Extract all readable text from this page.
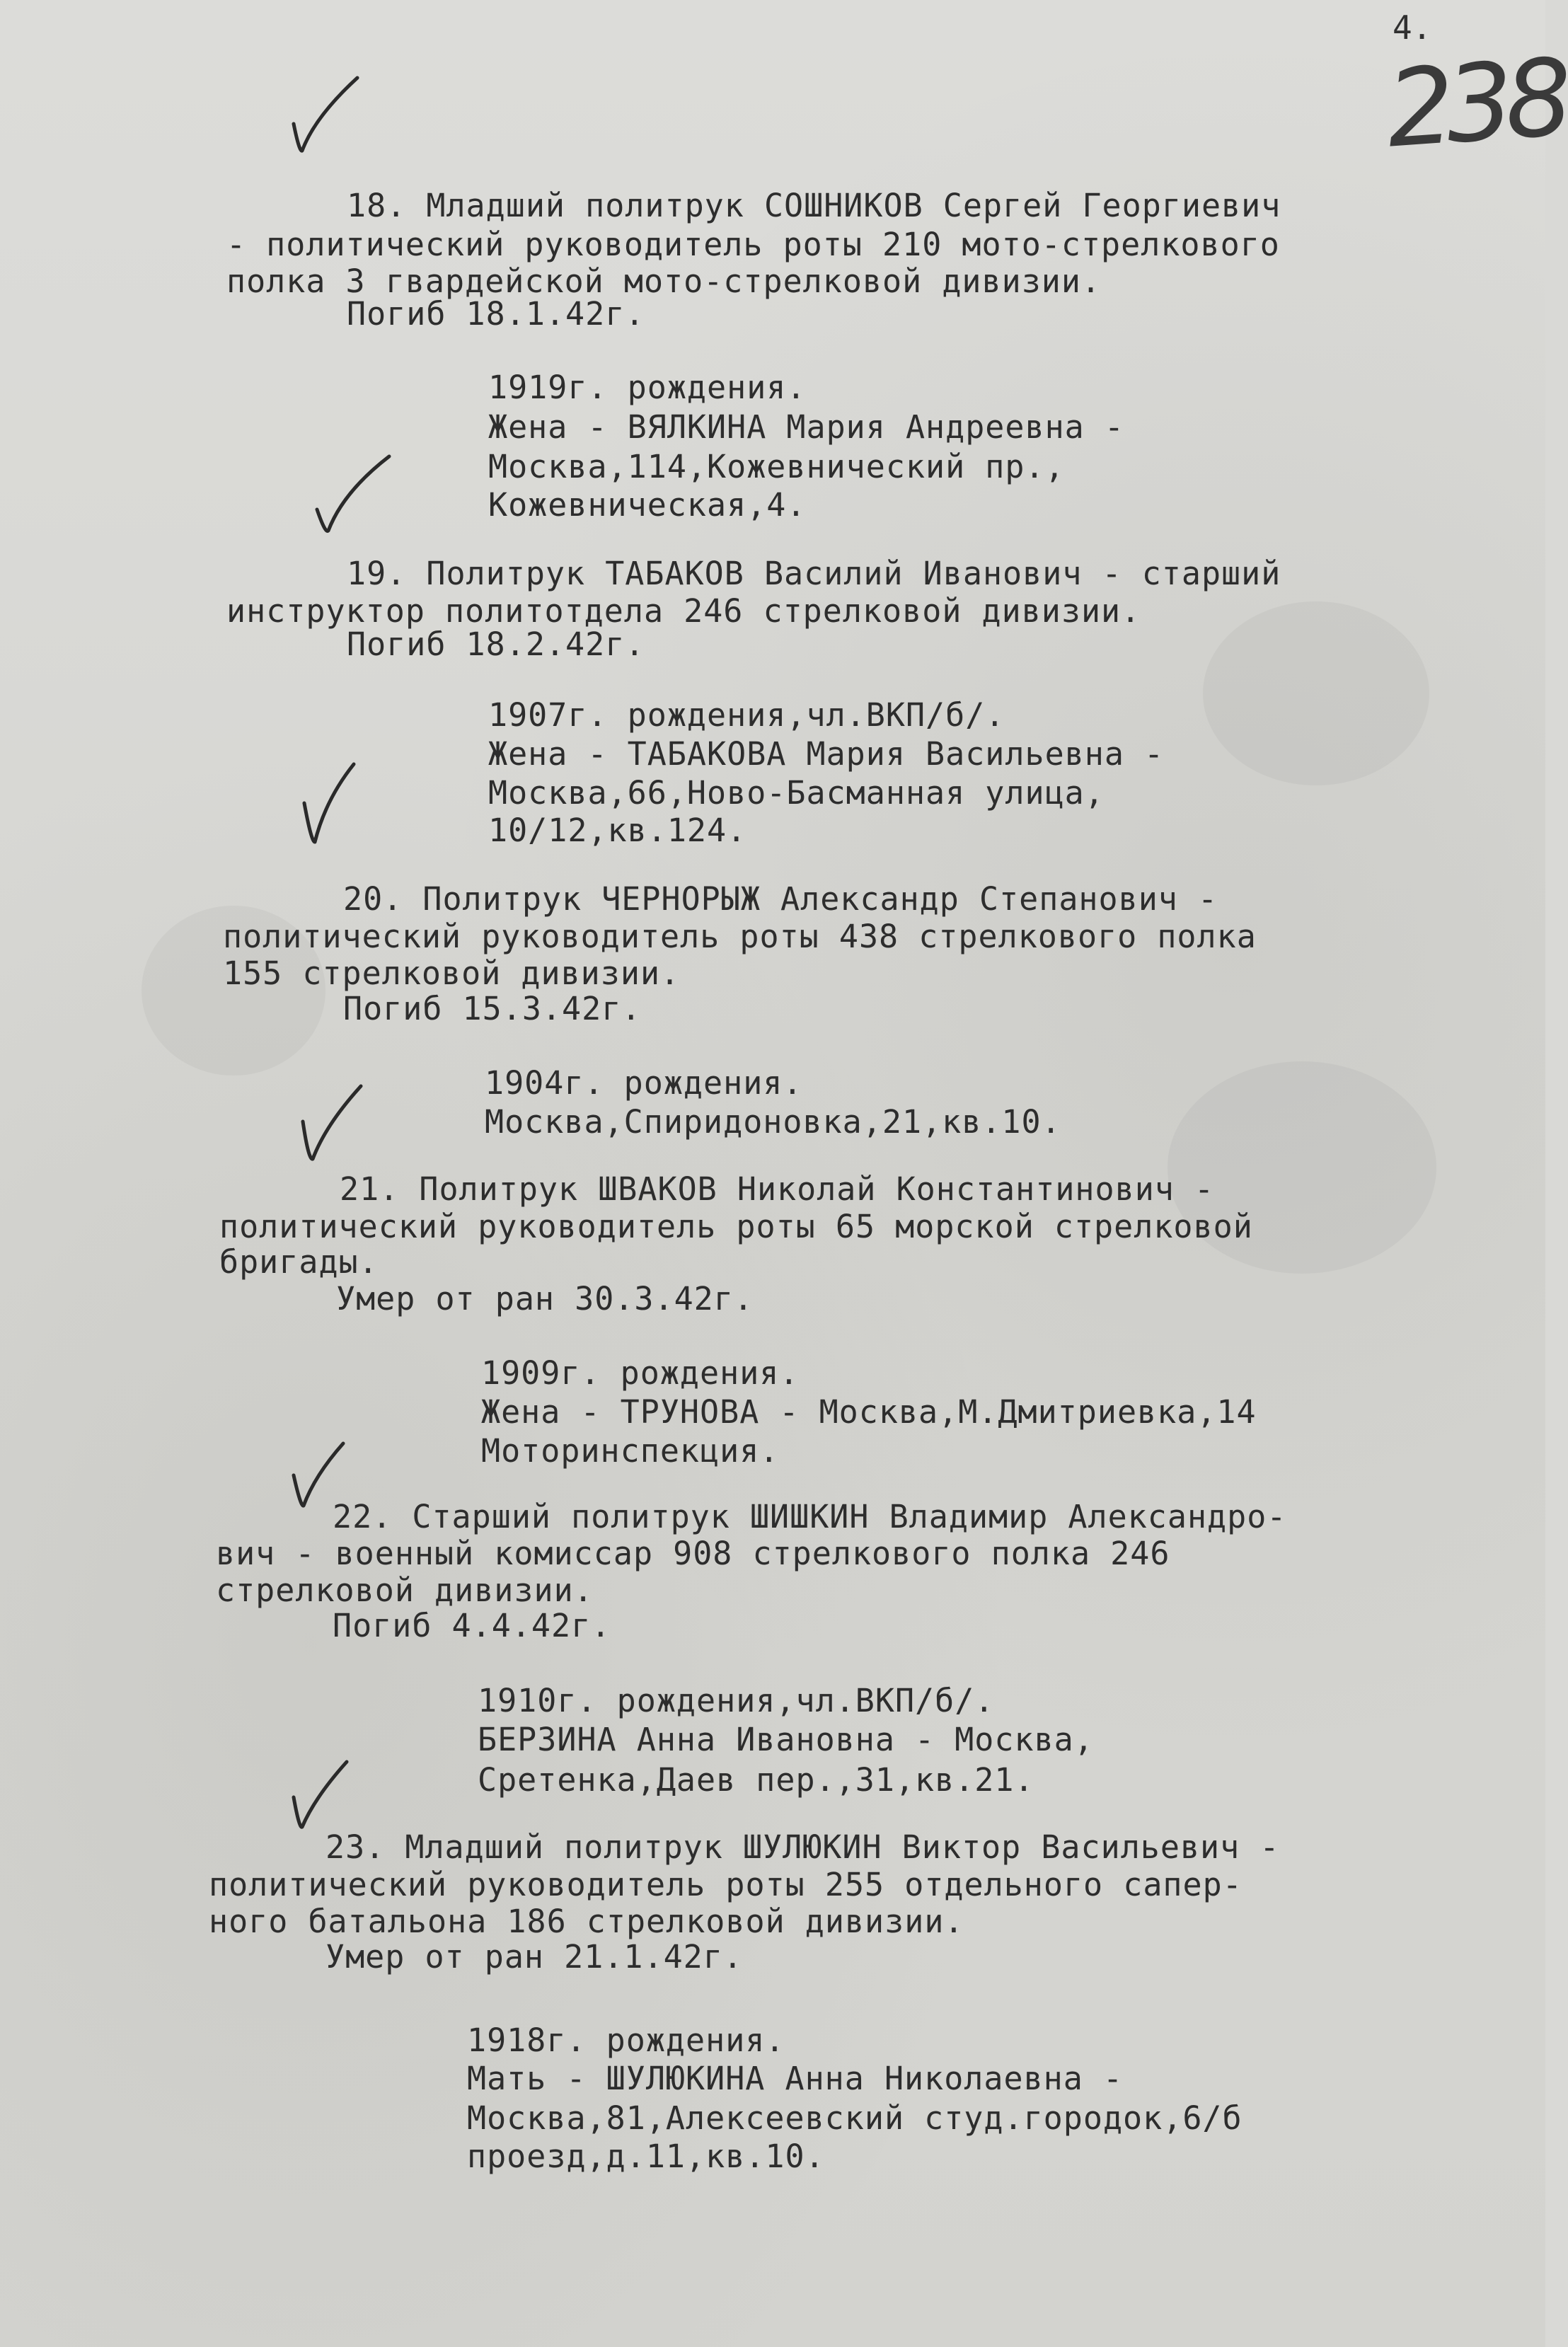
4.
238
18. Младший политрук СОШНИКОВ Сергей Георгиевич
- политический руководитель роты 210 мото-стрелкового
полка 3 гвардейской мото-стрелковой дивизии.
Погиб 18.1.42г.
1919г. рождения.
Жена - ВЯЛКИНА Мария Андреевна -
Москва,114,Кожевнический пр.,
Кожевническая,4.
19. Политрук ТАБАКОВ Василий Иванович - старший
инструктор политотдела 246 стрелковой дивизии.
Погиб 18.2.42г.
1907г. рождения,чл.ВКП/б/.
Жена - ТАБАКОВА Мария Васильевна -
Москва,66,Ново-Басманная улица,
10/12,кв.124.
20. Политрук ЧЕРНОРЫЖ Александр Степанович -
политический руководитель роты 438 стрелкового полка
155 стрелковой дивизии.
Погиб 15.3.42г.
1904г. рождения.
Москва,Спиридоновка,21,кв.10.
21. Политрук ШВАКОВ Николай Константинович -
политический руководитель роты 65 морской стрелковой
бригады.
Умер от ран 30.3.42г.
1909г. рождения.
Жена - ТРУНОВА - Москва,М.Дмитриевка,14
Моторинспекция.
22. Старший политрук ШИШКИН Владимир Александро-
вич - военный комиссар 908 стрелкового полка 246
стрелковой дивизии.
Погиб 4.4.42г.
1910г. рождения,чл.ВКП/б/.
БЕРЗИНА Анна Ивановна - Москва,
Сретенка,Даев пер.,31,кв.21.
23. Младший политрук ШУЛЮКИН Виктор Васильевич -
политический руководитель роты 255 отдельного сапер-
ного батальона 186 стрелковой дивизии.
Умер от ран 21.1.42г.
1918г. рождения.
Мать - ШУЛЮКИНА Анна Николаевна -
Москва,81,Алексеевский студ.городок,6/б
проезд,д.11,кв.10.
